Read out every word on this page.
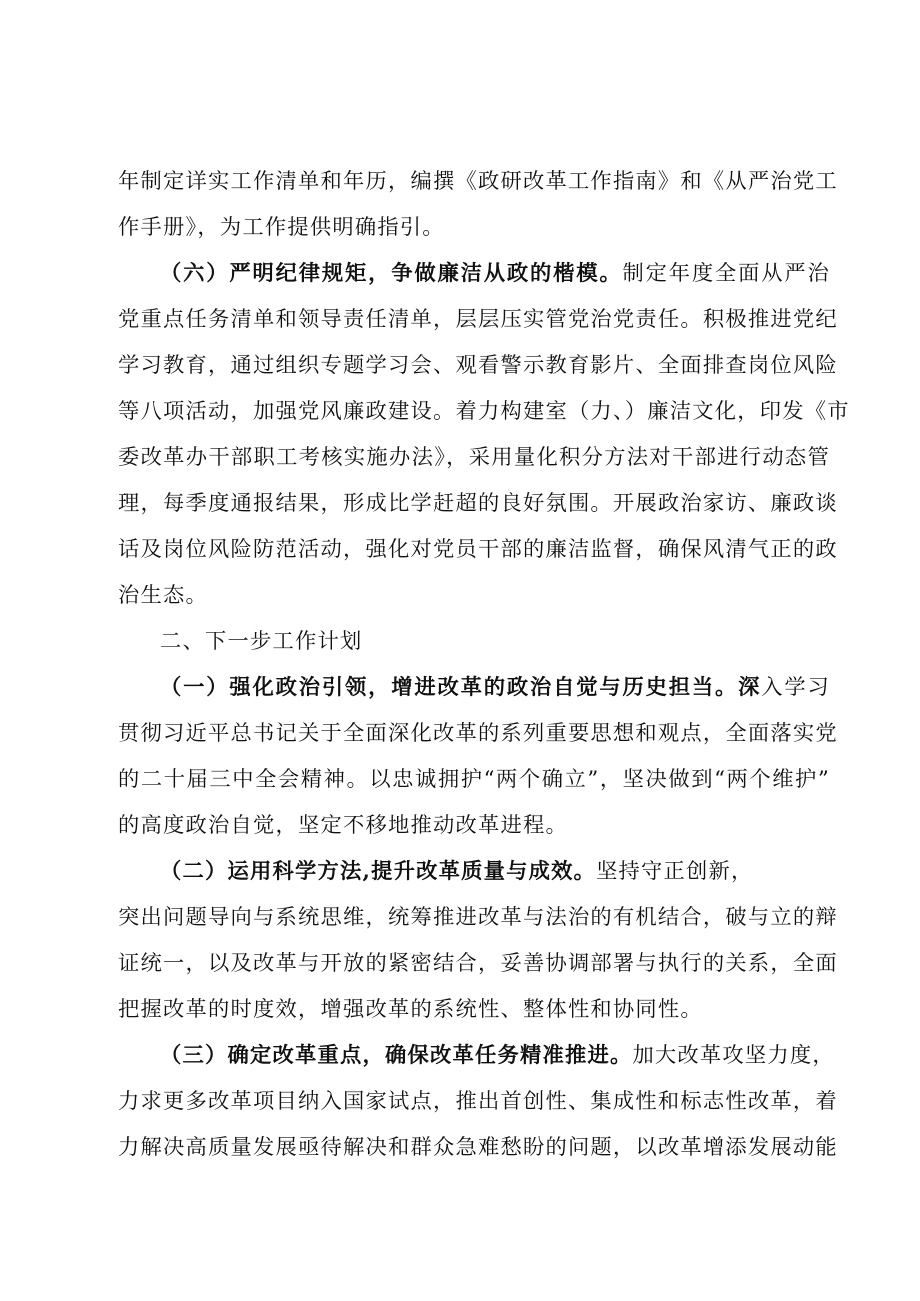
年制定详实工作清单和年历，编撰《政研改革工作指南》和《从严治党工
作手册》，为工作提供明确指引。
（六）严明纪律规矩，争做廉洁从政的楷模。制定年度全面从严治
党重点任务清单和领导责任清单，层层压实管党治党责任。积极推进党纪
学习教育，通过组织专题学习会、观看警示教育影片、全面排查岗位风险
等八项活动，加强党风廉政建设。着力构建室（力、）廉洁文化，印发《市
委改革办干部职工考核实施办法》，采用量化积分方法对干部进行动态管
理，每季度通报结果，形成比学赶超的良好氛围。开展政治家访、廉政谈
话及岗位风险防范活动，强化对党员干部的廉洁监督，确保风清气正的政
治生态。
二、下一步工作计划
（一）强化政治引领，增进改革的政治自觉与历史担当。深入学习
贯彻习近平总书记关于全面深化改革的系列重要思想和观点，全面落实党
的二十届三中全会精神。以忠诚拥护“两个确立”，坚决做到“两个维护”
的高度政治自觉，坚定不移地推动改革进程。
（二）运用科学方法,提升改革质量与成效。坚持守正创新，
突出问题导向与系统思维，统筹推进改革与法治的有机结合，破与立的辩
证统一，以及改革与开放的紧密结合，妥善协调部署与执行的关系，全面
把握改革的时度效，增强改革的系统性、整体性和协同性。
（三）确定改革重点，确保改革任务精准推进。加大改革攻坚力度，
力求更多改革项目纳入国家试点，推出首创性、集成性和标志性改革，着
力解决高质量发展亟待解决和群众急难愁盼的问题，以改革增添发展动能
